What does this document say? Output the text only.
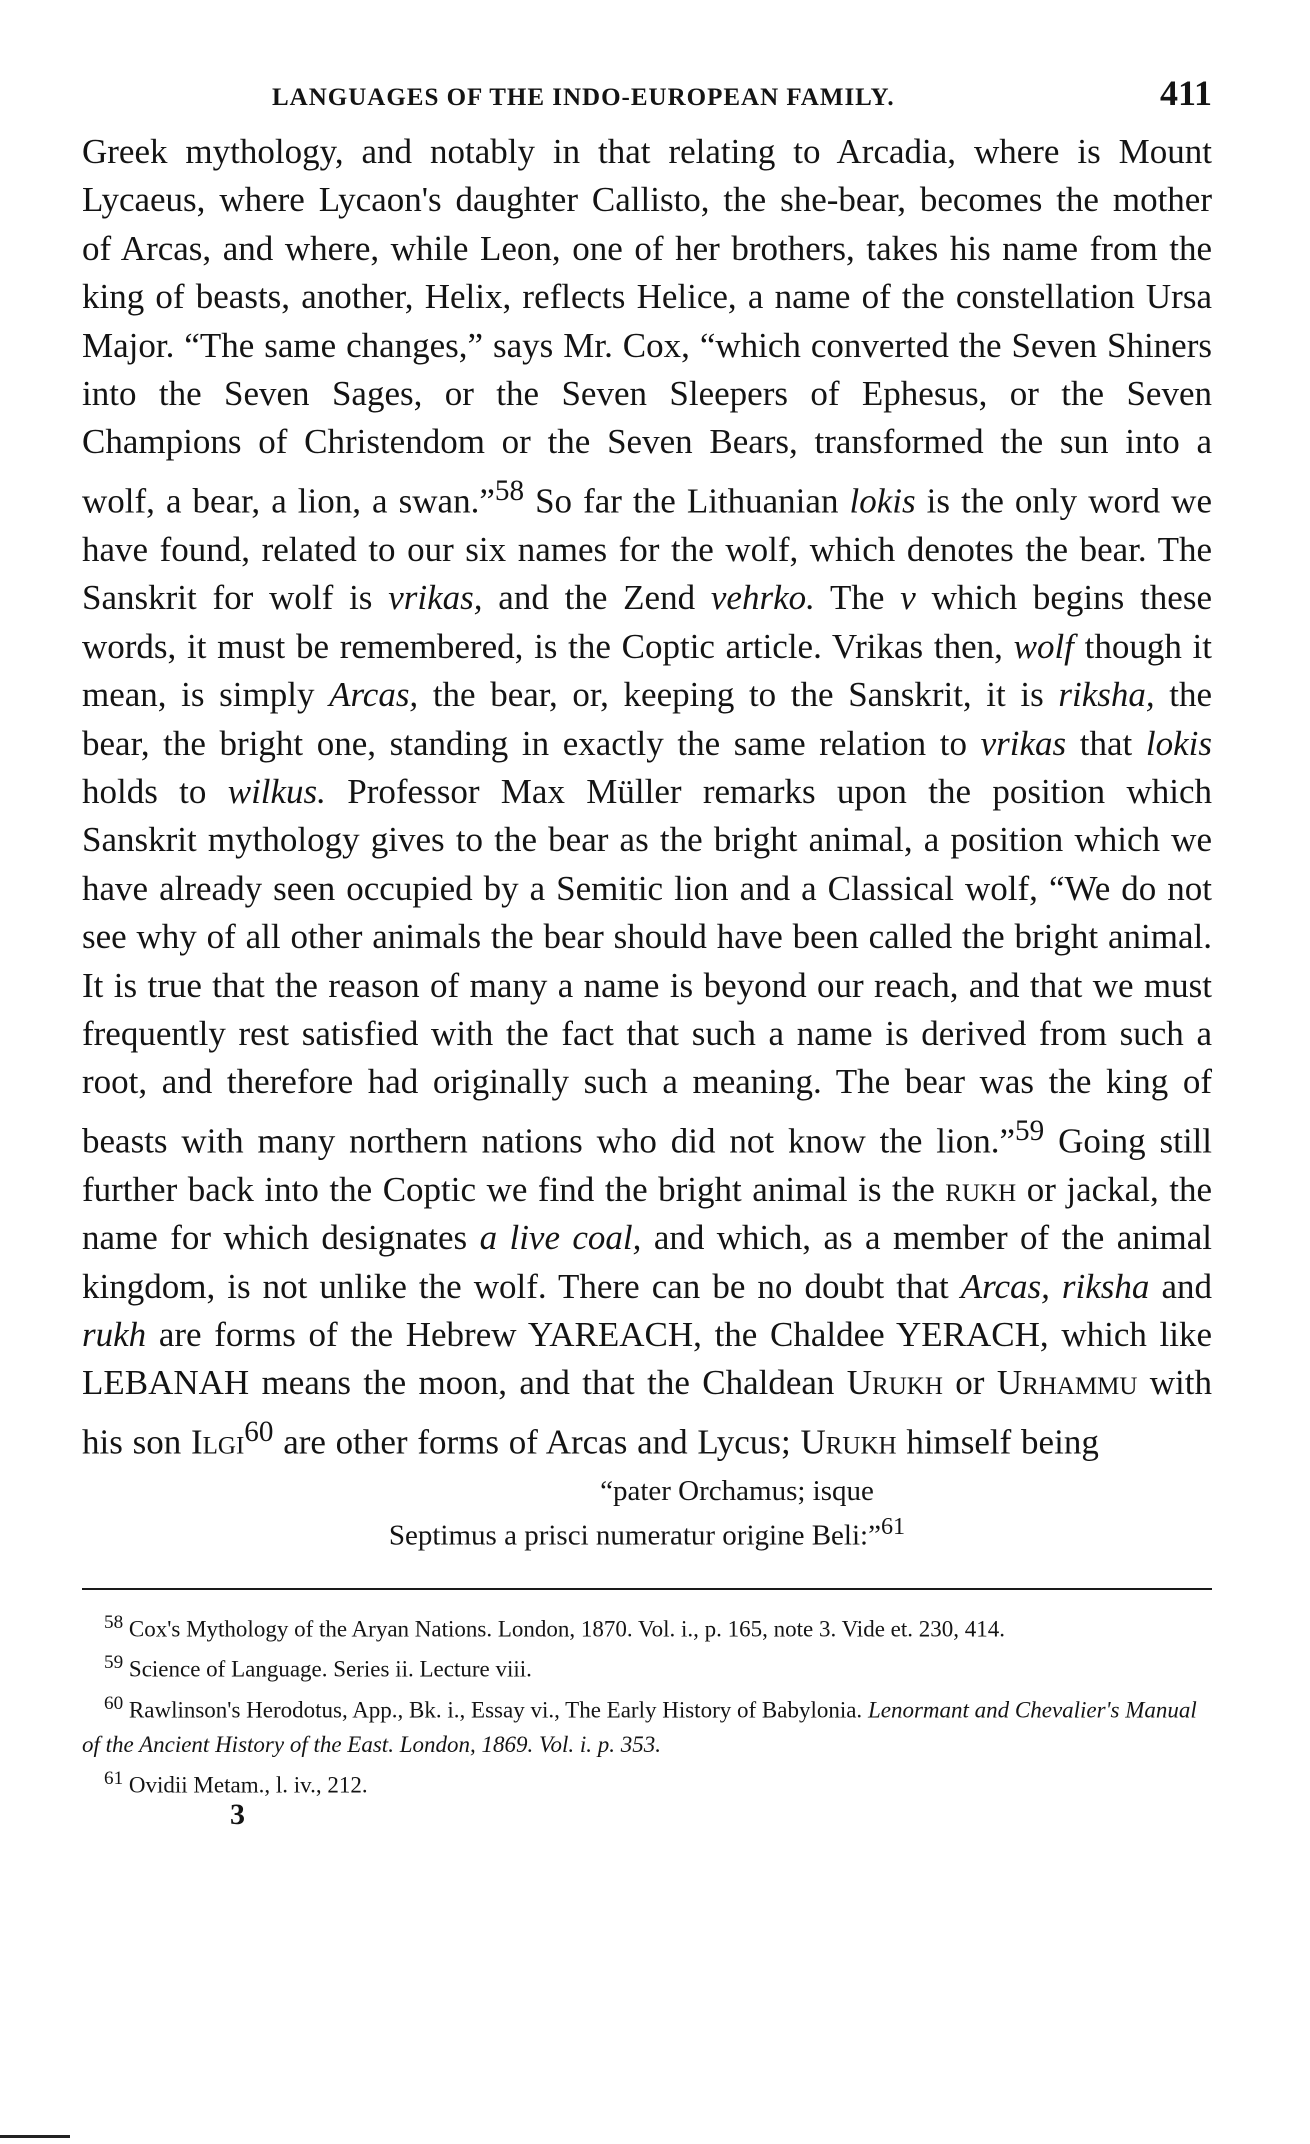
LANGUAGES OF THE INDO-EUROPEAN FAMILY.	411

Greek mythology, and notably in that relating to Arcadia, where is Mount Lycaeus, where Lycaon's daughter Callisto, the she-bear, becomes the mother of Arcas, and where, while Leon, one of her brothers, takes his name from the king of beasts, another, Helix, reflects Helice, a name of the constellation Ursa Major. “The same changes,” says Mr. Cox, “which converted the Seven Shiners into the Seven Sages, or the Seven Sleepers of Ephesus, or the Seven Champions of Christendom or the Seven Bears, transformed the sun into a wolf, a bear, a lion, a swan.”$^{58}$ So far the Lithuanian lokis is the only word we have found, related to our six names for the wolf, which denotes the bear. The Sanskrit for wolf is vrikas, and the Zend vehrko. The v which begins these words, it must be remembered, is the Coptic article. Vrikas then, wolf though it mean, is simply Arcas, the bear, or, keeping to the Sanskrit, it is riksha, the bear, the bright one, standing in exactly the same relation to vrikas that lokis holds to wilkus. Professor Max Müller remarks upon the position which Sanskrit mythology gives to the bear as the bright animal, a position which we have already seen occupied by a Semitic lion and a Classical wolf, “We do not see why of all other animals the bear should have been called the bright animal. It is true that the reason of many a name is beyond our reach, and that we must frequently rest satisfied with the fact that such a name is derived from such a root, and therefore had originally such a meaning. The bear was the king of beasts with many northern nations who did not know the lion.”$^{59}$ Going still further back into the Coptic we find the bright animal is the rukh or jackal, the name for which designates a live coal, and which, as a member of the animal kingdom, is not unlike the wolf. There can be no doubt that Arcas, riksha and rukh are forms of the Hebrew YAREACH, the Chaldee YERACH, which like LEBANAH means the moon, and that the Chaldean Urukh or Urhammu with his son Ilgi$^{60}$ are other forms of Arcas and Lycus; Urukh himself being

“pater Orchamus; isque
Septimus a prisci numeratur origine Beli:”$^{61}$

$^{58}$ Cox's Mythology of the Aryan Nations. London, 1870. Vol. i., p. 165, note 3. Vide et. 230, 414.

$^{59}$ Science of Language. Series ii. Lecture viii.

$^{60}$ Rawlinson's Herodotus, App., Bk. i., Essay vi., The Early History of Babylonia. Lenormant and Chevalier's Manual of the Ancient History of the East. London, 1869. Vol. i. p. 353.

$^{61}$ Ovidii Metam., l. iv., 212.

3
